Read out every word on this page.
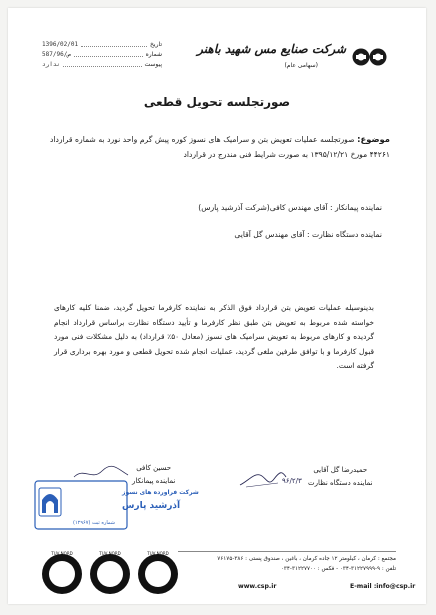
1396/02/01	تاریخ
587/ص/96	شماره
ندارد	پیوست
شرکت صنایع مس شهید باهنر
(سهامی عام)
صورتجلسه تحویل قطعی
موضوع: صورتجلسه عملیات تعویض بتن و سرامیک های نسوز کوره پیش گرم واحد نورد به شماره قرارداد ۴۴۲۶۱ مورخ ۱۳۹۵/۱۲/۲۱ به صورت شرایط فنی مندرج در قرارداد
نماینده پیمانکار : آقای مهندس کافی(شرکت آذرشید پارس)
نماینده دستگاه نظارت : آقای مهندس گل آقایی
بدینوسیله عملیات تعویض بتن قرارداد فوق الذکر به نماینده کارفرما تحویل گردید، ضمنا کلیه کارهای خواسته شده مربوط به تعویض بتن طبق نظر کارفرما و تأیید دستگاه نظارت براساس قرارداد انجام گردیده و کارهای مربوط به تعویض سرامیک های نسوز (معادل ۵۰٪ قرارداد) به دلیل مشکلات فنی مورد قبول کارفرما و با توافق طرفین ملغی گردید، عملیات انجام شده تحویل قطعی و مورد بهره برداری قرار گرفته است.
حسین کافی
نماینده پیمانکار
حمیدرضا گل آقایی
نماینده دستگاه نظارت
۹۶/۲/۳
شرکت فراورده های نسوز
آذرشید پارس
شماره ثبت (۱۲۹۶۷)
TUV NORD	TUV NORD	TUV NORD
مجتمع : کرمان ، کیلومتر ۱۲ جاده کرمان ، باغین ، صندوق پستی : ۳۸۶-۷۶۱۷۵
تلفن : ۹-۳۱۲۲۷۹۹۹-۰۳۴ - فکس : ۳۱۲۲۷۷۰۰-۰۳۴
www.csp.ir	E-mail :info@csp.ir
